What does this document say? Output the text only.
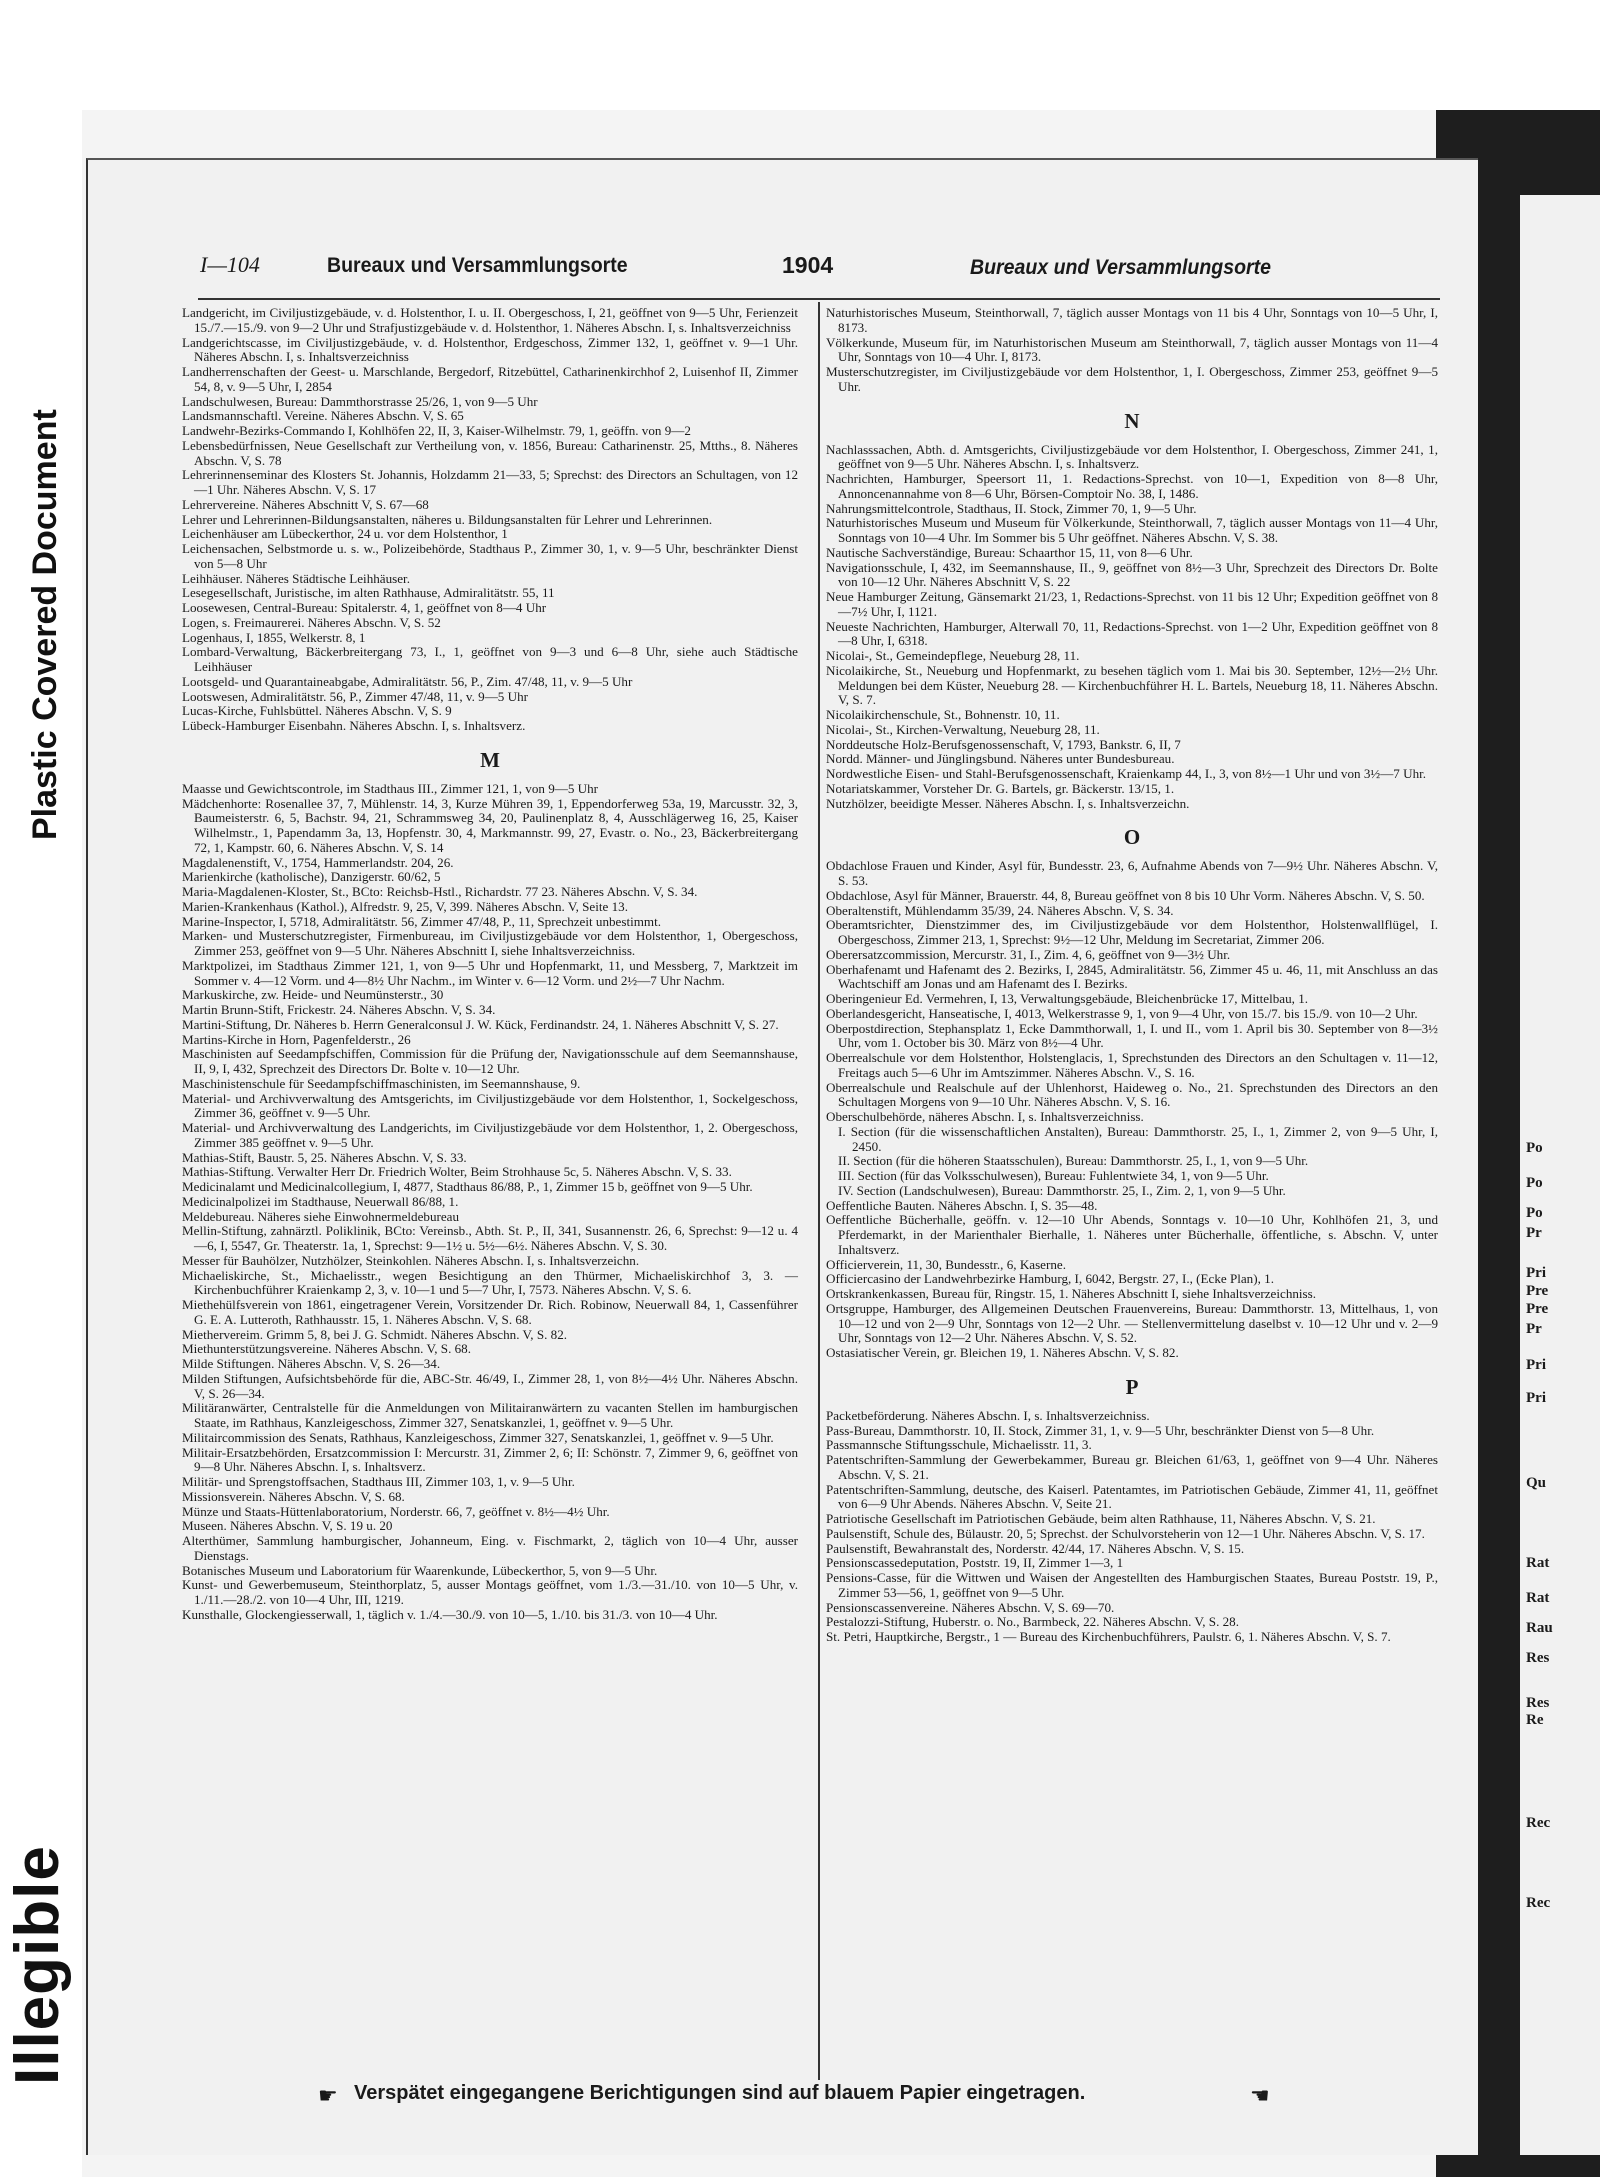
Plastic Covered Document
Illegible
Po
Po
Po
Pr
Pri
Pre
Pre
Pr
Pri
Pri
Qu
Rat
Rat
Rau
Res
Res
Re
Rec
Rec
I—104	Bureaux und Versammlungsorte	1904	Bureaux und Versammlungsorte

Landgericht, im Civiljustizgebäude, v. d. Holstenthor, I. u. II. Obergeschoss, I, 21, geöffnet von 9—5 Uhr, Ferienzeit 15./7.—15./9. von 9—2 Uhr und Strafjustizgebäude v. d. Holstenthor, 1. Näheres Abschn. I, s. Inhaltsverzeichniss

Landgerichtscasse, im Civiljustizgebäude, v. d. Holstenthor, Erdgeschoss, Zimmer 132, 1, geöffnet v. 9—1 Uhr. Näheres Abschn. I, s. Inhaltsverzeichniss

Landherrenschaften der Geest- u. Marschlande, Bergedorf, Ritzebüttel, Catharinenkirchhof 2, Luisenhof II, Zimmer 54, 8, v. 9—5 Uhr, I, 2854

Landschulwesen, Bureau: Dammthorstrasse 25/26, 1, von 9—5 Uhr

Landsmannschaftl. Vereine. Näheres Abschn. V, S. 65

Landwehr-Bezirks-Commando I, Kohlhöfen 22, II, 3, Kaiser-Wilhelmstr. 79, 1, geöffn. von 9—2

Lebensbedürfnissen, Neue Gesellschaft zur Vertheilung von, v. 1856, Bureau: Catharinenstr. 25, Mtths., 8. Näheres Abschn. V, S. 78

Lehrerinnenseminar des Klosters St. Johannis, Holzdamm 21—33, 5; Sprechst: des Directors an Schultagen, von 12—1 Uhr. Näheres Abschn. V, S. 17

Lehrervereine. Näheres Abschnitt V, S. 67—68

Lehrer und Lehrerinnen-Bildungsanstalten, näheres u. Bildungsanstalten für Lehrer und Lehrerinnen.

Leichenhäuser am Lübeckerthor, 24 u. vor dem Holstenthor, 1

Leichensachen, Selbstmorde u. s. w., Polizeibehörde, Stadthaus P., Zimmer 30, 1, v. 9—5 Uhr, beschränkter Dienst von 5—8 Uhr

Leihhäuser. Näheres Städtische Leihhäuser.

Lesegesellschaft, Juristische, im alten Rathhause, Admiralitätstr. 55, 11

Loosewesen, Central-Bureau: Spitalerstr. 4, 1, geöffnet von 8—4 Uhr

Logen, s. Freimaurerei. Näheres Abschn. V, S. 52

Logenhaus, I, 1855, Welkerstr. 8, 1

Lombard-Verwaltung, Bäckerbreitergang 73, I., 1, geöffnet von 9—3 und 6—8 Uhr, siehe auch Städtische Leihhäuser

Lootsgeld- und Quarantaineabgabe, Admiralitätstr. 56, P., Zim. 47/48, 11, v. 9—5 Uhr

Lootswesen, Admiralitätstr. 56, P., Zimmer 47/48, 11, v. 9—5 Uhr

Lucas-Kirche, Fuhlsbüttel. Näheres Abschn. V, S. 9

Lübeck-Hamburger Eisenbahn. Näheres Abschn. I, s. Inhaltsverz.

M

Maasse und Gewichtscontrole, im Stadthaus III., Zimmer 121, 1, von 9—5 Uhr

Mädchenhorte: Rosenallee 37, 7, Mühlenstr. 14, 3, Kurze Mühren 39, 1, Eppendorferweg 53a, 19, Marcusstr. 32, 3, Baumeisterstr. 6, 5, Bachstr. 94, 21, Schrammsweg 34, 20, Paulinenplatz 8, 4, Ausschlägerweg 16, 25, Kaiser Wilhelmstr., 1, Papendamm 3a, 13, Hopfenstr. 30, 4, Markmannstr. 99, 27, Evastr. o. No., 23, Bäckerbreitergang 72, 1, Kampstr. 60, 6. Näheres Abschn. V, S. 14

Magdalenenstift, V., 1754, Hammerlandstr. 204, 26.

Marienkirche (katholische), Danzigerstr. 60/62, 5

Maria-Magdalenen-Kloster, St., BCto: Reichsb-Hstl., Richardstr. 77 23. Näheres Abschn. V, S. 34.

Marien-Krankenhaus (Kathol.), Alfredstr. 9, 25, V, 399. Näheres Abschn. V, Seite 13.

Marine-Inspector, I, 5718, Admiralitätstr. 56, Zimmer 47/48, P., 11, Sprechzeit unbestimmt.

Marken- und Musterschutzregister, Firmenbureau, im Civiljustizgebäude vor dem Holstenthor, 1, Obergeschoss, Zimmer 253, geöffnet von 9—5 Uhr. Näheres Abschnitt I, siehe Inhaltsverzeichniss.

Marktpolizei, im Stadthaus Zimmer 121, 1, von 9—5 Uhr und Hopfenmarkt, 11, und Messberg, 7, Marktzeit im Sommer v. 4—12 Vorm. und 4—8½ Uhr Nachm., im Winter v. 6—12 Vorm. und 2½—7 Uhr Nachm.

Markuskirche, zw. Heide- und Neumünsterstr., 30

Martin Brunn-Stift, Frickestr. 24. Näheres Abschn. V, S. 34.

Martini-Stiftung, Dr. Näheres b. Herrn Generalconsul J. W. Kück, Ferdinandstr. 24, 1. Näheres Abschnitt V, S. 27.

Martins-Kirche in Horn, Pagenfelderstr., 26

Maschinisten auf Seedampfschiffen, Commission für die Prüfung der, Navigationsschule auf dem Seemannshause, II, 9, I, 432, Sprechzeit des Directors Dr. Bolte v. 10—12 Uhr.

Maschinistenschule für Seedampfschiffmaschinisten, im Seemannshause, 9.

Material- und Archivverwaltung des Amtsgerichts, im Civiljustizgebäude vor dem Holstenthor, 1, Sockelgeschoss, Zimmer 36, geöffnet v. 9—5 Uhr.

Material- und Archivverwaltung des Landgerichts, im Civiljustizgebäude vor dem Holstenthor, 1, 2. Obergeschoss, Zimmer 385 geöffnet v. 9—5 Uhr.

Mathias-Stift, Baustr. 5, 25. Näheres Abschn. V, S. 33.

Mathias-Stiftung. Verwalter Herr Dr. Friedrich Wolter, Beim Strohhause 5c, 5. Näheres Abschn. V, S. 33.

Medicinalamt und Medicinalcollegium, I, 4877, Stadthaus 86/88, P., 1, Zimmer 15 b, geöffnet von 9—5 Uhr.

Medicinalpolizei im Stadthause, Neuerwall 86/88, 1.

Meldebureau. Näheres siehe Einwohnermeldebureau

Mellin-Stiftung, zahnärztl. Poliklinik, BCto: Vereinsb., Abth. St. P., II, 341, Susannenstr. 26, 6, Sprechst: 9—12 u. 4—6, I, 5547, Gr. Theaterstr. 1a, 1, Sprechst: 9—1½ u. 5½—6½. Näheres Abschn. V, S. 30.

Messer für Bauhölzer, Nutzhölzer, Steinkohlen. Näheres Abschn. I, s. Inhaltsverzeichn.

Michaeliskirche, St., Michaelisstr., wegen Besichtigung an den Thürmer, Michaeliskirchhof 3, 3. — Kirchenbuchführer Kraienkamp 2, 3, v. 10—1 und 5—7 Uhr, I, 7573. Näheres Abschn. V, S. 6.

Miethehülfsverein von 1861, eingetragener Verein, Vorsitzender Dr. Rich. Robinow, Neuerwall 84, 1, Cassenführer G. E. A. Lutteroth, Rathhausstr. 15, 1. Näheres Abschn. V, S. 68.

Miethervereim. Grimm 5, 8, bei J. G. Schmidt. Näheres Abschn. V, S. 82.

Miethunterstützungsvereine. Näheres Abschn. V, S. 68.

Milde Stiftungen. Näheres Abschn. V, S. 26—34.

Milden Stiftungen, Aufsichtsbehörde für die, ABC-Str. 46/49, I., Zimmer 28, 1, von 8½—4½ Uhr. Näheres Abschn. V, S. 26—34.

Militäranwärter, Centralstelle für die Anmeldungen von Militairanwärtern zu vacanten Stellen im hamburgischen Staate, im Rathhaus, Kanzleigeschoss, Zimmer 327, Senatskanzlei, 1, geöffnet v. 9—5 Uhr.

Militaircommission des Senats, Rathhaus, Kanzleigeschoss, Zimmer 327, Senatskanzlei, 1, geöffnet v. 9—5 Uhr.

Militair-Ersatzbehörden, Ersatzcommission I: Mercurstr. 31, Zimmer 2, 6; II: Schönstr. 7, Zimmer 9, 6, geöffnet von 9—8 Uhr. Näheres Abschn. I, s. Inhaltsverz.

Militär- und Sprengstoffsachen, Stadthaus III, Zimmer 103, 1, v. 9—5 Uhr.

Missionsverein. Näheres Abschn. V, S. 68.

Münze und Staats-Hüttenlaboratorium, Norderstr. 66, 7, geöffnet v. 8½—4½ Uhr.

Museen. Näheres Abschn. V, S. 19 u. 20

Alterthümer, Sammlung hamburgischer, Johanneum, Eing. v. Fischmarkt, 2, täglich von 10—4 Uhr, ausser Dienstags.

Botanisches Museum und Laboratorium für Waarenkunde, Lübeckerthor, 5, von 9—5 Uhr.

Kunst- und Gewerbemuseum, Steinthorplatz, 5, ausser Montags geöffnet, vom 1./3.—31./10. von 10—5 Uhr, v. 1./11.—28./2. von 10—4 Uhr, III, 1219.

Kunsthalle, Glockengiesserwall, 1, täglich v. 1./4.—30./9. von 10—5, 1./10. bis 31./3. von 10—4 Uhr.

Naturhistorisches Museum, Steinthorwall, 7, täglich ausser Montags von 11 bis 4 Uhr, Sonntags von 10—5 Uhr, I, 8173.

Völkerkunde, Museum für, im Naturhistorischen Museum am Steinthorwall, 7, täglich ausser Montags von 11—4 Uhr, Sonntags von 10—4 Uhr. I, 8173.

Musterschutzregister, im Civiljustizgebäude vor dem Holstenthor, 1, I. Obergeschoss, Zimmer 253, geöffnet 9—5 Uhr.

N

Nachlasssachen, Abth. d. Amtsgerichts, Civiljustizgebäude vor dem Holstenthor, I. Obergeschoss, Zimmer 241, 1, geöffnet von 9—5 Uhr. Näheres Abschn. I, s. Inhaltsverz.

Nachrichten, Hamburger, Speersort 11, 1. Redactions-Sprechst. von 10—1, Expedition von 8—8 Uhr, Annoncenannahme von 8—6 Uhr, Börsen-Comptoir No. 38, I, 1486.

Nahrungsmittelcontrole, Stadthaus, II. Stock, Zimmer 70, 1, 9—5 Uhr.

Naturhistorisches Museum und Museum für Völkerkunde, Steinthorwall, 7, täglich ausser Montags von 11—4 Uhr, Sonntags von 10—4 Uhr. Im Sommer bis 5 Uhr geöffnet. Näheres Abschn. V, S. 38.

Nautische Sachverständige, Bureau: Schaarthor 15, 11, von 8—6 Uhr.

Navigationsschule, I, 432, im Seemannshause, II., 9, geöffnet von 8½—3 Uhr, Sprechzeit des Directors Dr. Bolte von 10—12 Uhr. Näheres Abschnitt V, S. 22

Neue Hamburger Zeitung, Gänsemarkt 21/23, 1, Redactions-Sprechst. von 11 bis 12 Uhr; Expedition geöffnet von 8—7½ Uhr, I, 1121.

Neueste Nachrichten, Hamburger, Alterwall 70, 11, Redactions-Sprechst. von 1—2 Uhr, Expedition geöffnet von 8—8 Uhr, I, 6318.

Nicolai-, St., Gemeindepflege, Neueburg 28, 11.

Nicolaikirche, St., Neueburg und Hopfenmarkt, zu besehen täglich vom 1. Mai bis 30. September, 12½—2½ Uhr. Meldungen bei dem Küster, Neueburg 28. — Kirchenbuchführer H. L. Bartels, Neueburg 18, 11. Näheres Abschn. V, S. 7.

Nicolaikirchenschule, St., Bohnenstr. 10, 11.

Nicolai-, St., Kirchen-Verwaltung, Neueburg 28, 11.

Norddeutsche Holz-Berufsgenossenschaft, V, 1793, Bankstr. 6, II, 7

Nordd. Männer- und Jünglingsbund. Näheres unter Bundesbureau.

Nordwestliche Eisen- und Stahl-Berufsgenossenschaft, Kraienkamp 44, I., 3, von 8½—1 Uhr und von 3½—7 Uhr.

Notariatskammer, Vorsteher Dr. G. Bartels, gr. Bäckerstr. 13/15, 1.

Nutzhölzer, beeidigte Messer. Näheres Abschn. I, s. Inhaltsverzeichn.

O

Obdachlose Frauen und Kinder, Asyl für, Bundesstr. 23, 6, Aufnahme Abends von 7—9½ Uhr. Näheres Abschn. V, S. 53.

Obdachlose, Asyl für Männer, Brauerstr. 44, 8, Bureau geöffnet von 8 bis 10 Uhr Vorm. Näheres Abschn. V, S. 50.

Oberaltenstift, Mühlendamm 35/39, 24. Näheres Abschn. V, S. 34.

Oberamtsrichter, Dienstzimmer des, im Civiljustizgebäude vor dem Holstenthor, Holstenwallflügel, I. Obergeschoss, Zimmer 213, 1, Sprechst: 9½—12 Uhr, Meldung im Secretariat, Zimmer 206.

Oberersatzcommission, Mercurstr. 31, I., Zim. 4, 6, geöffnet von 9—3½ Uhr.

Oberhafenamt und Hafenamt des 2. Bezirks, I, 2845, Admiralitätstr. 56, Zimmer 45 u. 46, 11, mit Anschluss an das Wachtschiff am Jonas und am Hafenamt des I. Bezirks.

Oberingenieur Ed. Vermehren, I, 13, Verwaltungsgebäude, Bleichenbrücke 17, Mittelbau, 1.

Oberlandesgericht, Hanseatische, I, 4013, Welkerstrasse 9, 1, von 9—4 Uhr, von 15./7. bis 15./9. von 10—2 Uhr.

Oberpostdirection, Stephansplatz 1, Ecke Dammthorwall, 1, I. und II., vom 1. April bis 30. September von 8—3½ Uhr, vom 1. October bis 30. März von 8½—4 Uhr.

Oberrealschule vor dem Holstenthor, Holstenglacis, 1, Sprechstunden des Directors an den Schultagen v. 11—12, Freitags auch 5—6 Uhr im Amtszimmer. Näheres Abschn. V., S. 16.

Oberrealschule und Realschule auf der Uhlenhorst, Haideweg o. No., 21. Sprechstunden des Directors an den Schultagen Morgens von 9—10 Uhr. Näheres Abschn. V, S. 16.

Oberschulbehörde, näheres Abschn. I, s. Inhaltsverzeichniss.

I. Section (für die wissenschaftlichen Anstalten), Bureau: Dammthorstr. 25, I., 1, Zimmer 2, von 9—5 Uhr, I, 2450.

II. Section (für die höheren Staatsschulen), Bureau: Dammthorstr. 25, I., 1, von 9—5 Uhr.

III. Section (für das Volksschulwesen), Bureau: Fuhlentwiete 34, 1, von 9—5 Uhr.

IV. Section (Landschulwesen), Bureau: Dammthorstr. 25, I., Zim. 2, 1, von 9—5 Uhr.

Oeffentliche Bauten. Näheres Abschn. I, S. 35—48.

Oeffentliche Bücherhalle, geöffn. v. 12—10 Uhr Abends, Sonntags v. 10—10 Uhr, Kohlhöfen 21, 3, und Pferdemarkt, in der Marienthaler Bierhalle, 1. Näheres unter Bücherhalle, öffentliche, s. Abschn. V, unter Inhaltsverz.

Officierverein, 11, 30, Bundesstr., 6, Kaserne.

Officiercasino der Landwehrbezirke Hamburg, I, 6042, Bergstr. 27, I., (Ecke Plan), 1.

Ortskrankenkassen, Bureau für, Ringstr. 15, 1. Näheres Abschnitt I, siehe Inhaltsverzeichniss.

Ortsgruppe, Hamburger, des Allgemeinen Deutschen Frauenvereins, Bureau: Dammthorstr. 13, Mittelhaus, 1, von 10—12 und von 2—9 Uhr, Sonntags von 12—2 Uhr. — Stellenvermittelung daselbst v. 10—12 Uhr und v. 2—9 Uhr, Sonntags von 12—2 Uhr. Näheres Abschn. V, S. 52.

Ostasiatischer Verein, gr. Bleichen 19, 1. Näheres Abschn. V, S. 82.

P

Packetbeförderung. Näheres Abschn. I, s. Inhaltsverzeichniss.

Pass-Bureau, Dammthorstr. 10, II. Stock, Zimmer 31, 1, v. 9—5 Uhr, beschränkter Dienst von 5—8 Uhr.

Passmannsche Stiftungsschule, Michaelisstr. 11, 3.

Patentschriften-Sammlung der Gewerbekammer, Bureau gr. Bleichen 61/63, 1, geöffnet von 9—4 Uhr. Näheres Abschn. V, S. 21.

Patentschriften-Sammlung, deutsche, des Kaiserl. Patentamtes, im Patriotischen Gebäude, Zimmer 41, 11, geöffnet von 6—9 Uhr Abends. Näheres Abschn. V, Seite 21.

Patriotische Gesellschaft im Patriotischen Gebäude, beim alten Rathhause, 11, Näheres Abschn. V, S. 21.

Paulsenstift, Schule des, Bülaustr. 20, 5; Sprechst. der Schulvorsteherin von 12—1 Uhr. Näheres Abschn. V, S. 17.

Paulsenstift, Bewahranstalt des, Norderstr. 42/44, 17. Näheres Abschn. V, S. 15.

Pensionscassedeputation, Poststr. 19, II, Zimmer 1—3, 1

Pensions-Casse, für die Wittwen und Waisen der Angestellten des Hamburgischen Staates, Bureau Poststr. 19, P., Zimmer 53—56, 1, geöffnet von 9—5 Uhr.

Pensionscassenvereine. Näheres Abschn. V, S. 69—70.

Pestalozzi-Stiftung, Huberstr. o. No., Barmbeck, 22. Näheres Abschn. V, S. 28.

St. Petri, Hauptkirche, Bergstr., 1 — Bureau des Kirchenbuchführers, Paulstr. 6, 1. Näheres Abschn. V, S. 7.

☛ Verspätet eingegangene Berichtigungen sind auf blauem Papier eingetragen.	☚
